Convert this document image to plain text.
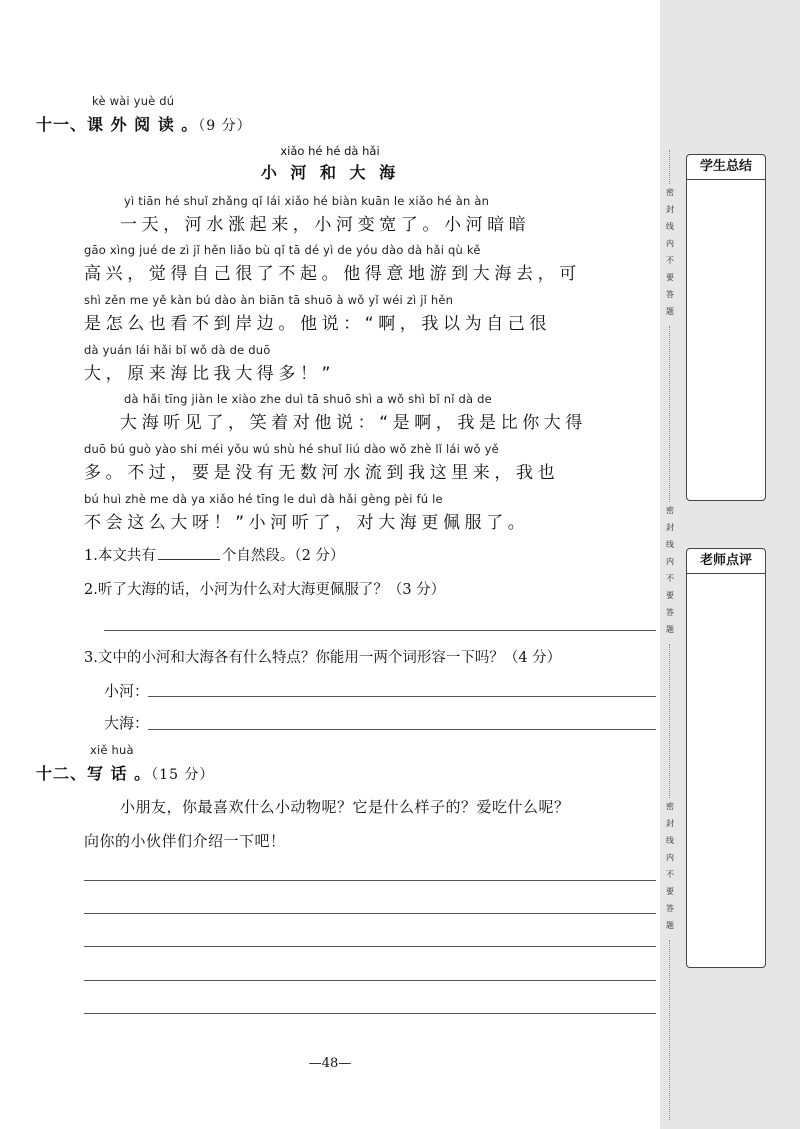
kè wài yuè dú
十一、课 外 阅 读 。（9 分）
xiǎo hé hé dà hǎi
小 河 和 大 海
yì tiān hé shuǐ zhǎng qǐ lái xiǎo hé biàn kuān le xiǎo hé àn àn
一天，河水涨起来，小河变宽了。小河暗暗
gāo xìng jué de zì jǐ hěn liǎo bù qǐ tā dé yì de yóu dào dà hǎi qù kě
高兴，觉得自己很了不起。他得意地游到大海去，可
shì zěn me yě kàn bú dào àn biān tā shuō à wǒ yǐ wéi zì jǐ hěn
是怎么也看不到岸边。他说：“啊，我以为自己很
dà yuán lái hǎi bǐ wǒ dà de duō
大，原来海比我大得多！”
dà hǎi tīng jiàn le xiào zhe duì tā shuō shì a wǒ shì bǐ nǐ dà de
大海听见了，笑着对他说：“是啊，我是比你大得
duō bú guò yào shi méi yǒu wú shù hé shuǐ liú dào wǒ zhè lǐ lái wǒ yě
多。不过，要是没有无数河水流到我这里来，我也
bú huì zhè me dà ya xiǎo hé tīng le duì dà hǎi gèng pèi fú le
不会这么大呀！”小河听了，对大海更佩服了。
1.本文共有	个自然段。（2 分）
2.听了大海的话，小河为什么对大海更佩服了？（3 分）
3.文中的小河和大海各有什么特点？你能用一两个词形容一下吗？（4 分）
小河：
大海：
xiě huà
十二、写 话 。（15 分）
小朋友，你最喜欢什么小动物呢？它是什么样子的？爱吃什么呢？
向你的小伙伴们介绍一下吧！
—48—
学生总结
老师点评
密
封
线
内
不
要
答
题
密
封
线
内
不
要
答
题
密
封
线
内
不
要
答
题
